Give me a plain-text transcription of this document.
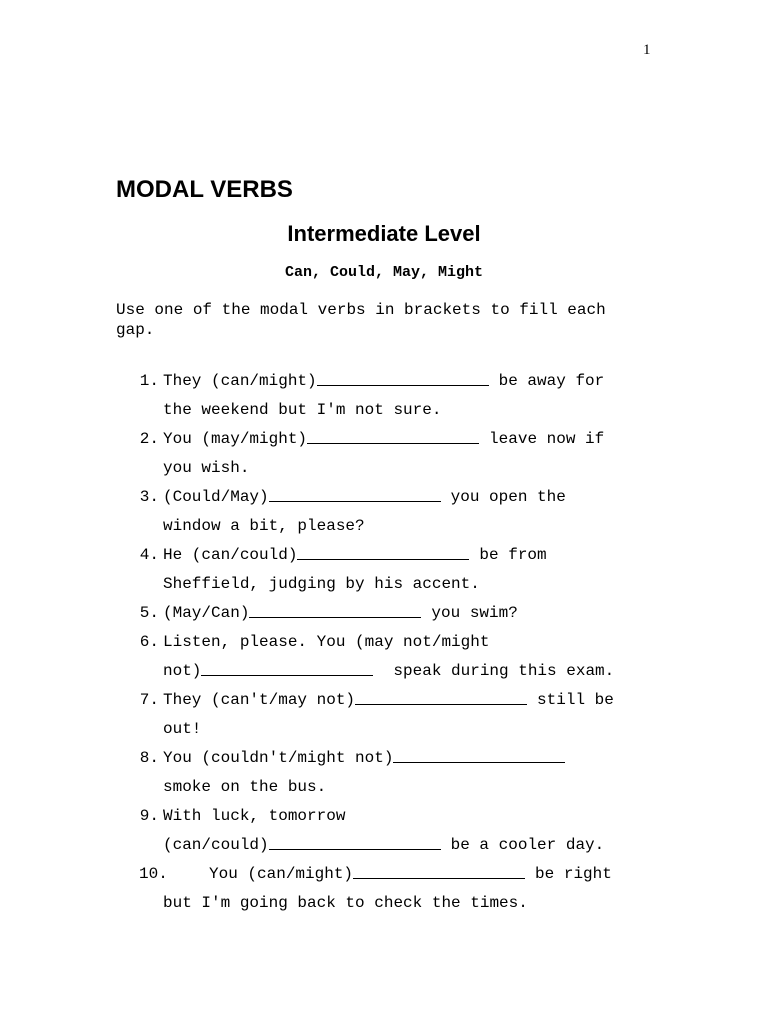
1
MODAL VERBS
Intermediate Level
Can, Could, May, Might

Use one of the modal verbs in brackets to fill each gap.

1. They (can/might)	be away for
the weekend but I'm not sure.
2. You (may/might)	leave now if
you wish.
3. (Could/May)	you open the
window a bit, please?
4. He (can/could)	be from
Sheffield, judging by his accent.
5. (May/Can)	you swim?
6. Listen, please. You (may not/might
not)	speak during this exam.
7. They (can't/may not)	still be
out!
8. You (couldn't/might not)
smoke on the bus.
9. With luck, tomorrow
(can/could)	be a cooler day.
10.	You (can/might)	be right
but I'm going back to check the times.
